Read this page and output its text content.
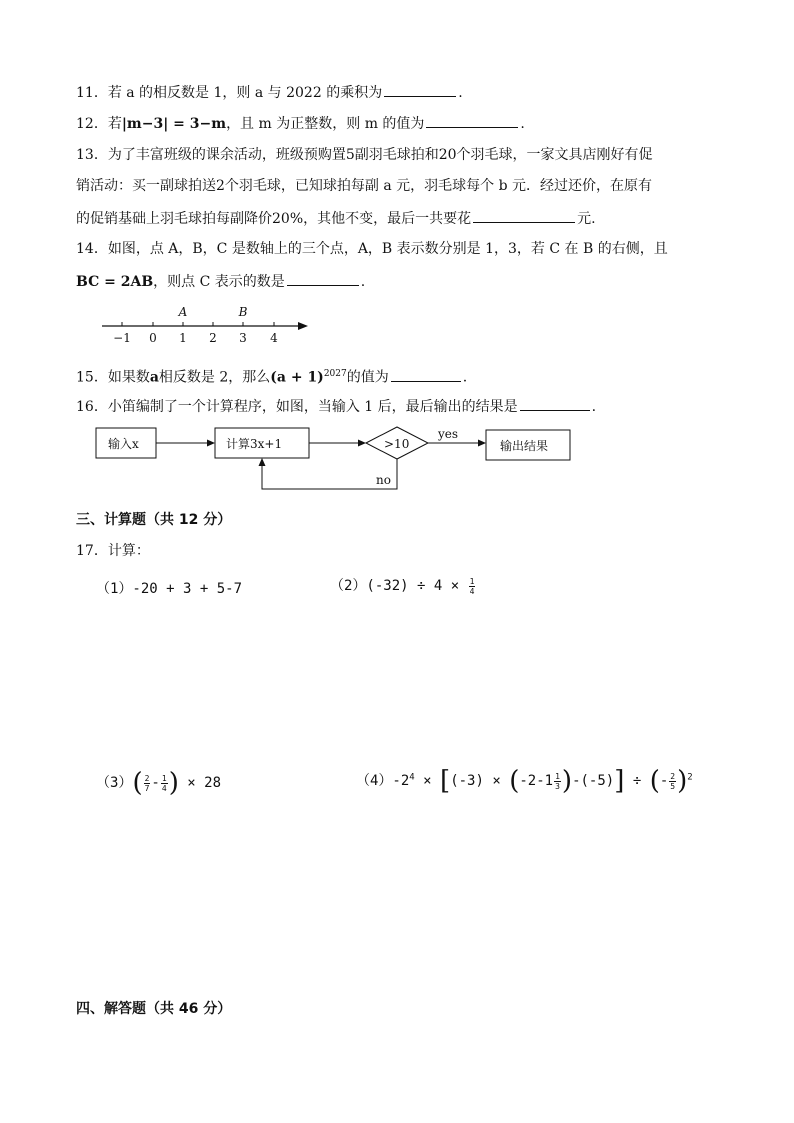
11．若 a 的相反数是 1，则 a 与 2022 的乘积为	.
12．若|m−3| = 3−m，且 m 为正整数，则 m 的值为	.
13．为了丰富班级的课余活动，班级预购置5副羽毛球拍和20个羽毛球，一家文具店刚好有促
销活动：买一副球拍送2个羽毛球，已知球拍每副 a 元，羽毛球每个 b 元．经过还价，在原有
的促销基础上羽毛球拍每副降价20%，其他不变，最后一共要花	元.
14．如图，点 A，B，C 是数轴上的三个点，A，B 表示数分别是 1，3，若 C 在 B 的右侧，且
BC = 2AB，则点 C 表示的数是	.
−1 0 1 2 3 4
A	B
15．如果数a相反数是 2，那么$(a + 1)^{2027}$的值为	.
16．小笛编制了一个计算程序，如图，当输入 1 后，最后输出的结果是	.
输入x	计算3x+1	>10
yes
no
输出结果
三、计算题（共 12 分）
17．计算：
（1）-20 + 3 + 5-7	$(2)(-32) \div 4 \times \frac{1}{4}$
$(3)( \frac{2}{7} - \frac{1}{4}$ ) × 28	$(4)-2^4 \times [(-3) \times (-2-1 \frac{1}{3} )-(-5)]$ ÷ (- $\frac{2}{5} )^2$
四、解答题（共 46 分）
